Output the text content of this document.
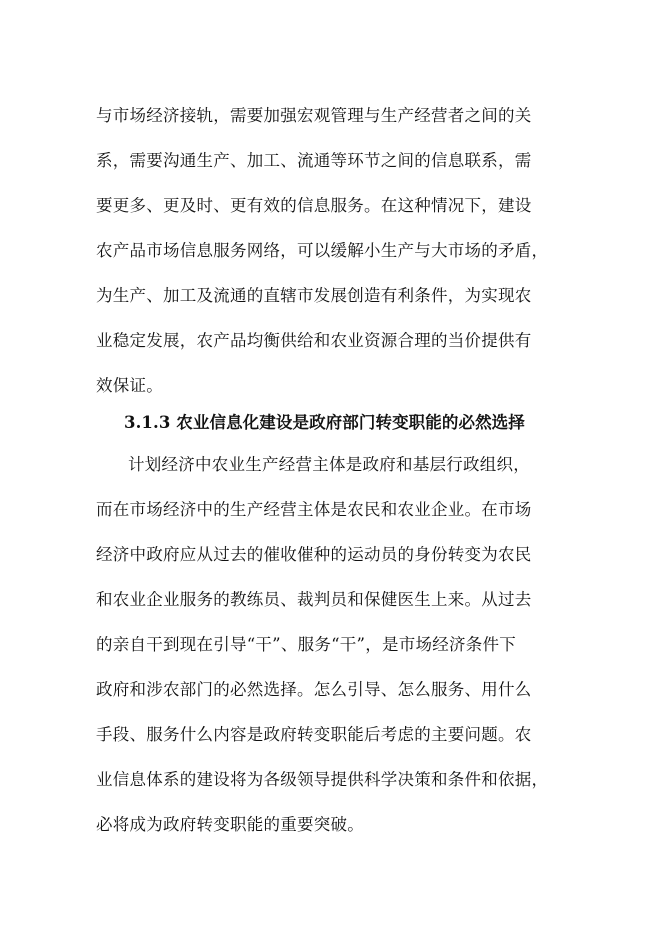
与市场经济接轨，需要加强宏观管理与生产经营者之间的关
系，需要沟通生产、加工、流通等环节之间的信息联系，需
要更多、更及时、更有效的信息服务。在这种情况下，建设
农产品市场信息服务网络，可以缓解小生产与大市场的矛盾，
为生产、加工及流通的直辖市发展创造有利条件，为实现农
业稳定发展，农产品均衡供给和农业资源合理的当价提供有
效保证。
3.1.3 农业信息化建设是政府部门转变职能的必然选择
计划经济中农业生产经营主体是政府和基层行政组织，
而在市场经济中的生产经营主体是农民和农业企业。在市场
经济中政府应从过去的催收催种的运动员的身份转变为农民
和农业企业服务的教练员、裁判员和保健医生上来。从过去
的亲自干到现在引导“干”、服务“干”，是市场经济条件下
政府和涉农部门的必然选择。怎么引导、怎么服务、用什么
手段、服务什么内容是政府转变职能后考虑的主要问题。农
业信息体系的建设将为各级领导提供科学决策和条件和依据，
必将成为政府转变职能的重要突破。
